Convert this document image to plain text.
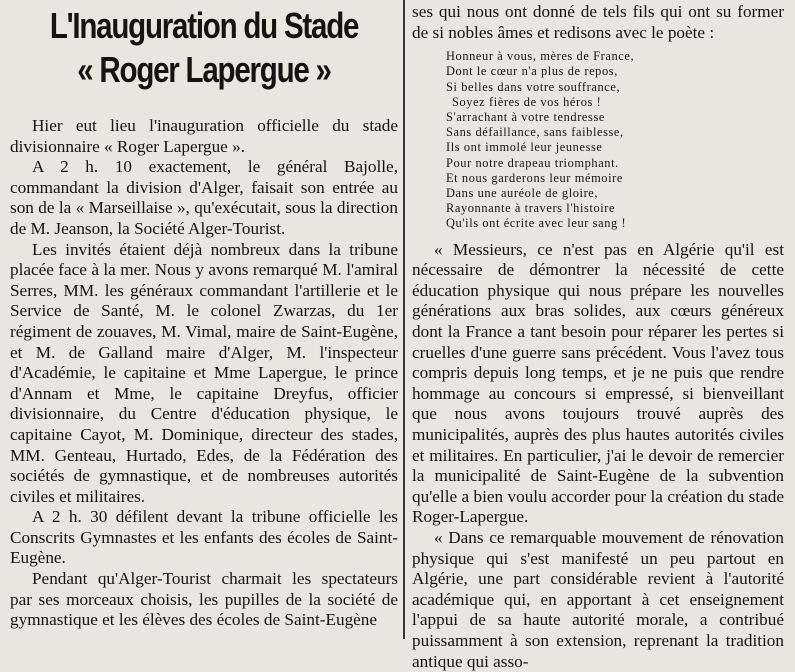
L'Inauguration du Stade
« Roger Lapergue »

Hier eut lieu l'inauguration officielle du stade divisionnaire « Roger Lapergue ».

A 2 h. 10 exactement, le général Bajolle, commandant la division d'Alger, faisait son entrée au son de la « Marseillaise », qu'exécutait, sous la direction de M. Jeanson, la Société Alger-Tourist.

Les invités étaient déjà nombreux dans la tribune placée face à la mer. Nous y avons remarqué M. l'amiral Serres, MM. les généraux commandant l'artillerie et le Service de Santé, M. le colonel Zwarzas, du 1er régiment de zouaves, M. Vimal, maire de Saint-Eugène, et M. de Galland maire d'Alger, M. l'inspecteur d'Académie, le capitaine et Mme Lapergue, le prince d'Annam et Mme, le capitaine Dreyfus, officier divisionnaire, du Centre d'éducation physique, le capitaine Cayot, M. Dominique, directeur des stades, MM. Genteau, Hurtado, Edes, de la Fédération des sociétés de gymnastique, et de nombreuses autorités civiles et militaires.

A 2 h. 30 défilent devant la tribune officielle les Conscrits Gymnastes et les enfants des écoles de Saint-Eugène.

Pendant qu'Alger-Tourist charmait les spectateurs par ses morceaux choisis, les pupilles de la société de gymnastique et les élèves des écoles de Saint-Eugène

ses qui nous ont donné de tels fils qui ont su former de si nobles âmes et redisons avec le poète :

Honneur à vous, mères de France,
Dont le cœur n'a plus de repos,
Si belles dans votre souffrance,
Soyez fières de vos héros !
S'arrachant à votre tendresse
Sans défaillance, sans faiblesse,
Ils ont immolé leur jeunesse
Pour notre drapeau triomphant.
Et nous garderons leur mémoire
Dans une auréole de gloire,
Rayonnante à travers l'histoire
Qu'ils ont écrite avec leur sang !

« Messieurs, ce n'est pas en Algérie qu'il est nécessaire de démontrer la nécessité de cette éducation physique qui nous prépare les nouvelles générations aux bras solides, aux cœurs généreux dont la France a tant besoin pour réparer les pertes si cruelles d'une guerre sans précédent. Vous l'avez tous compris depuis long temps, et je ne puis que rendre hommage au concours si empressé, si bienveillant que nous avons toujours trouvé auprès des municipalités, auprès des plus hautes autorités civiles et militaires. En particulier, j'ai le devoir de remercier la municipalité de Saint-Eugène de la subvention qu'elle a bien voulu accorder pour la création du stade Roger-Lapergue.

« Dans ce remarquable mouvement de rénovation physique qui s'est manifesté un peu partout en Algérie, une part considérable revient à l'autorité académique qui, en apportant à cet enseignement l'appui de sa haute autorité morale, a contribué puissamment à son extension, reprenant la tradition antique qui asso-
